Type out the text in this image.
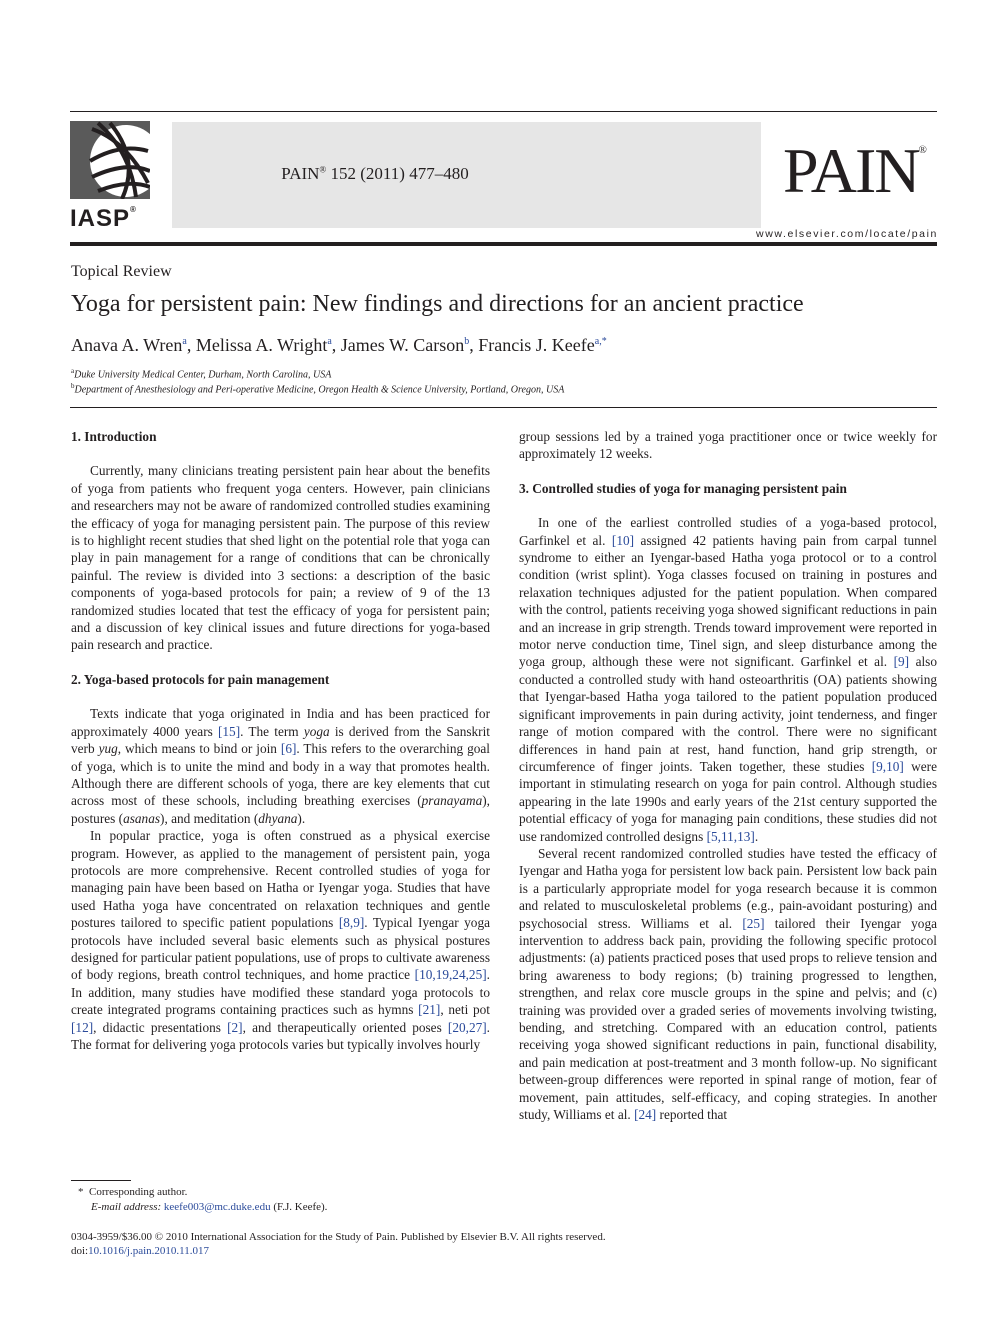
IASP®
PAIN® 152 (2011) 477–480	PAIN®
www.elsevier.com/locate/pain
Topical Review
Yoga for persistent pain: New findings and directions for an ancient practice
Anava A. Wren$^a$, Melissa A. Wright$^a$, James W. Carson$^b$, Francis J. Keefe$^{a,*}$
$^a$Duke University Medical Center, Durham, North Carolina, USA
$^b$Department of Anesthesiology and Peri-operative Medicine, Oregon Health & Science University, Portland, Oregon, USA
1. Introduction

Currently, many clinicians treating persistent pain hear about the benefits of yoga from patients who frequent yoga centers. However, pain clinicians and researchers may not be aware of randomized controlled studies examining the efficacy of yoga for managing persistent pain. The purpose of this review is to highlight recent studies that shed light on the potential role that yoga can play in pain management for a range of conditions that can be chronically painful. The review is divided into 3 sections: a description of the basic components of yoga-based protocols for pain; a review of 9 of the 13 randomized studies located that test the efficacy of yoga for persistent pain; and a discussion of key clinical issues and future directions for yoga-based pain research and practice.

2. Yoga-based protocols for pain management

Texts indicate that yoga originated in India and has been practiced for approximately 4000 years [15]. The term yoga is derived from the Sanskrit verb yug, which means to bind or join [6]. This refers to the overarching goal of yoga, which is to unite the mind and body in a way that promotes health. Although there are different schools of yoga, there are key elements that cut across most of these schools, including breathing exercises (pranayama), postures (asanas), and meditation (dhyana).

In popular practice, yoga is often construed as a physical exercise program. However, as applied to the management of persistent pain, yoga protocols are more comprehensive. Recent controlled studies of yoga for managing pain have been based on Hatha or Iyengar yoga. Studies that have used Hatha yoga have concentrated on relaxation techniques and gentle postures tailored to specific patient populations [8,9]. Typical Iyengar yoga protocols have included several basic elements such as physical postures designed for particular patient populations, use of props to cultivate awareness of body regions, breath control techniques, and home practice [10,19,24,25]. In addition, many studies have modified these standard yoga protocols to create integrated programs containing practices such as hymns [21], neti pot [12], didactic presentations [2], and therapeutically oriented poses [20,27]. The format for delivering yoga protocols varies but typically involves hourly

group sessions led by a trained yoga practitioner once or twice weekly for approximately 12 weeks.

3. Controlled studies of yoga for managing persistent pain

In one of the earliest controlled studies of a yoga-based protocol, Garfinkel et al. [10] assigned 42 patients having pain from carpal tunnel syndrome to either an Iyengar-based Hatha yoga protocol or to a control condition (wrist splint). Yoga classes focused on training in postures and relaxation techniques adjusted for the patient population. When compared with the control, patients receiving yoga showed significant reductions in pain and an increase in grip strength. Trends toward improvement were reported in motor nerve conduction time, Tinel sign, and sleep disturbance among the yoga group, although these were not significant. Garfinkel et al. [9] also conducted a controlled study with hand osteoarthritis (OA) patients showing that Iyengar-based Hatha yoga tailored to the patient population produced significant improvements in pain during activity, joint tenderness, and finger range of motion compared with the control. There were no significant differences in hand pain at rest, hand function, hand grip strength, or circumference of finger joints. Taken together, these studies [9,10] were important in stimulating research on yoga for pain control. Although studies appearing in the late 1990s and early years of the 21st century supported the potential efficacy of yoga for managing pain conditions, these studies did not use randomized controlled designs [5,11,13].

Several recent randomized controlled studies have tested the efficacy of Iyengar and Hatha yoga for persistent low back pain. Persistent low back pain is a particularly appropriate model for yoga research because it is common and related to musculoskeletal problems (e.g., pain-avoidant posturing) and psychosocial stress. Williams et al. [25] tailored their Iyengar yoga intervention to address back pain, providing the following specific protocol adjustments: (a) patients practiced poses that used props to relieve tension and bring awareness to body regions; (b) training progressed to lengthen, strengthen, and relax core muscle groups in the spine and pelvis; and (c) training was provided over a graded series of movements involving twisting, bending, and stretching. Compared with an education control, patients receiving yoga showed significant reductions in pain, functional disability, and pain medication at post-treatment and 3 month follow-up. No significant between-group differences were reported in spinal range of motion, fear of movement, pain attitudes, self-efficacy, and coping strategies. In another study, Williams et al. [24] reported that

* Corresponding author.
E-mail address: keefe003@mc.duke.edu (F.J. Keefe).
0304-3959/$36.00 © 2010 International Association for the Study of Pain. Published by Elsevier B.V. All rights reserved.
doi:10.1016/j.pain.2010.11.017
